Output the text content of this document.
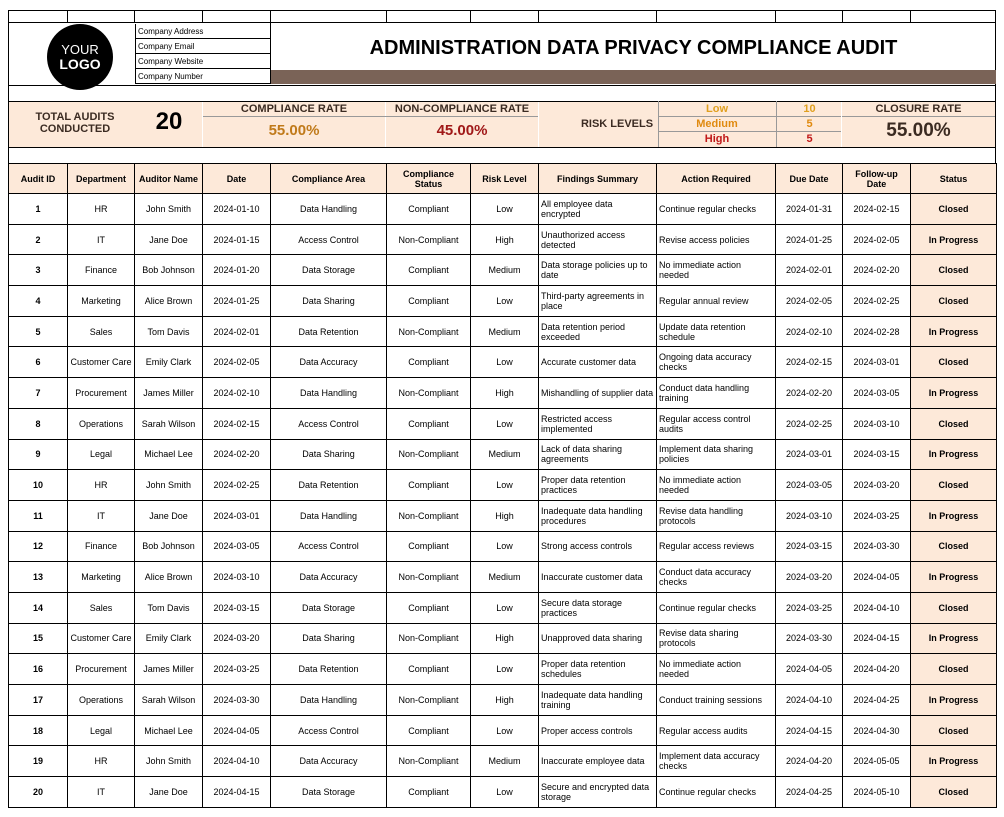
YOUR
LOGO
Company Address
Company Email
Company Website
Company Number
ADMINISTRATION DATA PRIVACY COMPLIANCE AUDIT
TOTAL AUDITS CONDUCTED	20	COMPLIANCE RATE
55.00%
NON-COMPLIANCE RATE
45.00%	RISK LEVELS
Low	10
Medium	5
High	5
CLOSURE RATE
55.00%
Audit ID	Department	Auditor Name	Date	Compliance Area	Compliance Status	Risk Level	Findings Summary	Action Required	Due Date	Follow-up Date	Status
1	HR	John Smith	2024-01-10	Data Handling	Compliant	Low	All employee data encrypted	Continue regular checks	2024-01-31	2024-02-15	Closed
2	IT	Jane Doe	2024-01-15	Access Control	Non-Compliant	High	Unauthorized access detected	Revise access policies	2024-01-25	2024-02-05	In Progress
3	Finance	Bob Johnson	2024-01-20	Data Storage	Compliant	Medium	Data storage policies up to date	No immediate action needed	2024-02-01	2024-02-20	Closed
4	Marketing	Alice Brown	2024-01-25	Data Sharing	Compliant	Low	Third-party agreements in place	Regular annual review	2024-02-05	2024-02-25	Closed
5	Sales	Tom Davis	2024-02-01	Data Retention	Non-Compliant	Medium	Data retention period exceeded	Update data retention schedule	2024-02-10	2024-02-28	In Progress
6	Customer Care	Emily Clark	2024-02-05	Data Accuracy	Compliant	Low	Accurate customer data	Ongoing data accuracy checks	2024-02-15	2024-03-01	Closed
7	Procurement	James Miller	2024-02-10	Data Handling	Non-Compliant	High	Mishandling of supplier data	Conduct data handling training	2024-02-20	2024-03-05	In Progress
8	Operations	Sarah Wilson	2024-02-15	Access Control	Compliant	Low	Restricted access implemented	Regular access control audits	2024-02-25	2024-03-10	Closed
9	Legal	Michael Lee	2024-02-20	Data Sharing	Non-Compliant	Medium	Lack of data sharing agreements	Implement data sharing policies	2024-03-01	2024-03-15	In Progress
10	HR	John Smith	2024-02-25	Data Retention	Compliant	Low	Proper data retention practices	No immediate action needed	2024-03-05	2024-03-20	Closed
11	IT	Jane Doe	2024-03-01	Data Handling	Non-Compliant	High	Inadequate data handling procedures	Revise data handling protocols	2024-03-10	2024-03-25	In Progress
12	Finance	Bob Johnson	2024-03-05	Access Control	Compliant	Low	Strong access controls	Regular access reviews	2024-03-15	2024-03-30	Closed
13	Marketing	Alice Brown	2024-03-10	Data Accuracy	Non-Compliant	Medium	Inaccurate customer data	Conduct data accuracy checks	2024-03-20	2024-04-05	In Progress
14	Sales	Tom Davis	2024-03-15	Data Storage	Compliant	Low	Secure data storage practices	Continue regular checks	2024-03-25	2024-04-10	Closed
15	Customer Care	Emily Clark	2024-03-20	Data Sharing	Non-Compliant	High	Unapproved data sharing	Revise data sharing protocols	2024-03-30	2024-04-15	In Progress
16	Procurement	James Miller	2024-03-25	Data Retention	Compliant	Low	Proper data retention schedules	No immediate action needed	2024-04-05	2024-04-20	Closed
17	Operations	Sarah Wilson	2024-03-30	Data Handling	Non-Compliant	High	Inadequate data handling training	Conduct training sessions	2024-04-10	2024-04-25	In Progress
18	Legal	Michael Lee	2024-04-05	Access Control	Compliant	Low	Proper access controls	Regular access audits	2024-04-15	2024-04-30	Closed
19	HR	John Smith	2024-04-10	Data Accuracy	Non-Compliant	Medium	Inaccurate employee data	Implement data accuracy checks	2024-04-20	2024-05-05	In Progress
20	IT	Jane Doe	2024-04-15	Data Storage	Compliant	Low	Secure and encrypted data storage	Continue regular checks	2024-04-25	2024-05-10	Closed
